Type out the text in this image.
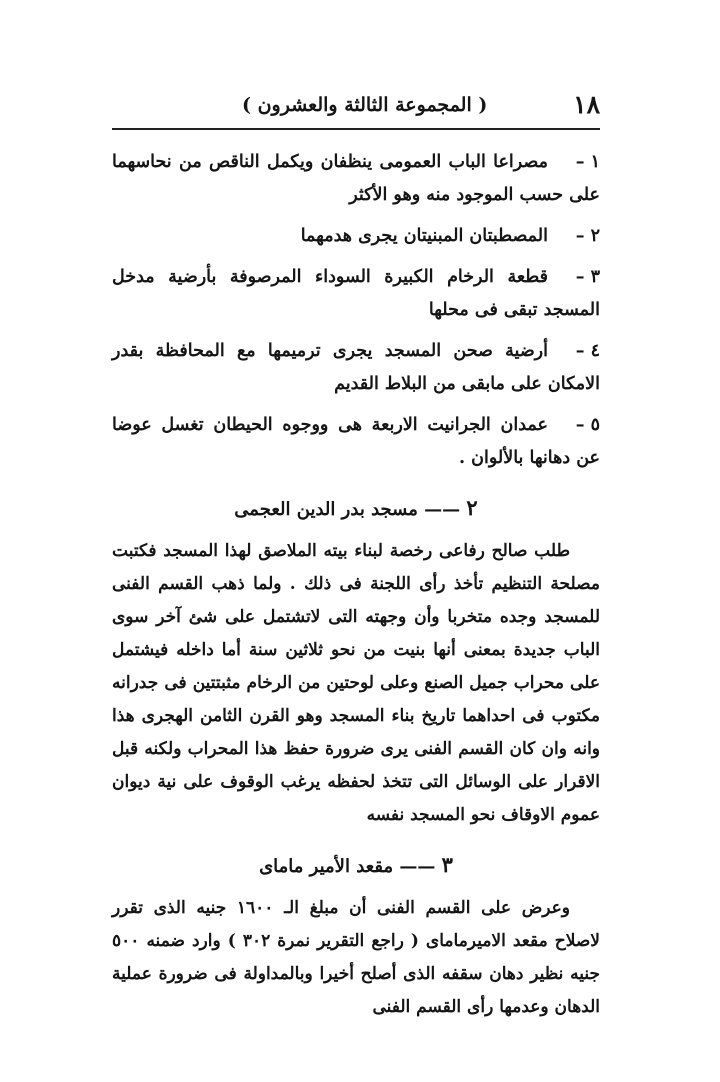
١٨
( المجموعة الثالثة والعشرون )
١ –مصراعا الباب العمومى ينظفان ويكمل الناقص من نحاسهما على حسب الموجود منه وهو الأكثر
٢ –المصطبتان المبنيتان يجرى هدمهما
٣ –قطعة الرخام الكبيرة السوداء المرصوفة بأرضية مدخل المسجد تبقى فى محلها
٤ –أرضية صحن المسجد يجرى ترميمها مع المحافظة بقدر الامكان على مابقى من البلاط القديم
٥ –عمدان الجرانيت الاربعة هى ووجوه الحيطان تغسل عوضا عن دهانها بالألوان .
٢ —— مسجد بدر الدين العجمى

طلب صالح رفاعى رخصة لبناء بيته الملاصق لهذا المسجد فكتبت مصلحة التنظيم تأخذ رأى اللجنة فى ذلك . ولما ذهب القسم الفنى للمسجد وجده متخربا وأن وجهته التى لاتشتمل على شئ آخر سوى الباب جديدة بمعنى أنها بنيت من نحو ثلاثين سنة أما داخله فيشتمل على محراب جميل الصنع وعلى لوحتين من الرخام مثبتتين فى جدرانه مكتوب فى احداهما تاريخ بناء المسجد وهو القرن الثامن الهجرى هذا وانه وان كان القسم الفنى يرى ضرورة حفظ هذا المحراب ولكنه قبل الاقرار على الوسائل التى تتخذ لحفظه يرغب الوقوف على نية ديوان عموم الاوقاف نحو المسجد نفسه

٣ —— مقعد الأمير ماماى

وعرض على القسم الفنى أن مبلغ الـ ١٦٠٠ جنيه الذى تقرر لاصلاح مقعد الاميرماماى ( راجع التقرير نمرة ٣٠٢ ) وارد ضمنه ٥٠٠ جنيه نظير دهان سقفه الذى أصلح أخيرا وبالمداولة فى ضرورة عملية الدهان وعدمها رأى القسم الفنى
